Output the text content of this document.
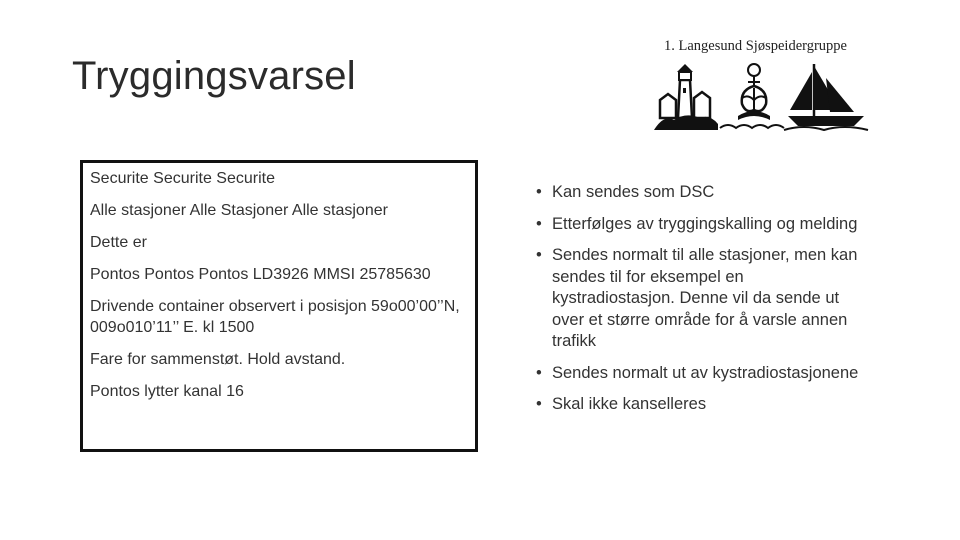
Tryggingsvarsel
1. Langesund Sjøspeidergruppe

Securite Securite Securite

Alle stasjoner Alle Stasjoner Alle stasjoner

Dette er

Pontos Pontos Pontos LD3926 MMSI 25785630

Drivende container observert i posisjon 59o00’00’’N, 009o010’11’’ E. kl 1500

Fare for sammenstøt. Hold avstand.

Pontos lytter kanal 16

• Kan sendes som DSC
• Etterfølges av tryggingskalling og melding
• Sendes normalt til alle stasjoner, men kan sendes til for eksempel en kystradiostasjon. Denne vil da sende ut over et større område for å varsle annen trafikk
• Sendes normalt ut av kystradiostasjonene
• Skal ikke kanselleres
